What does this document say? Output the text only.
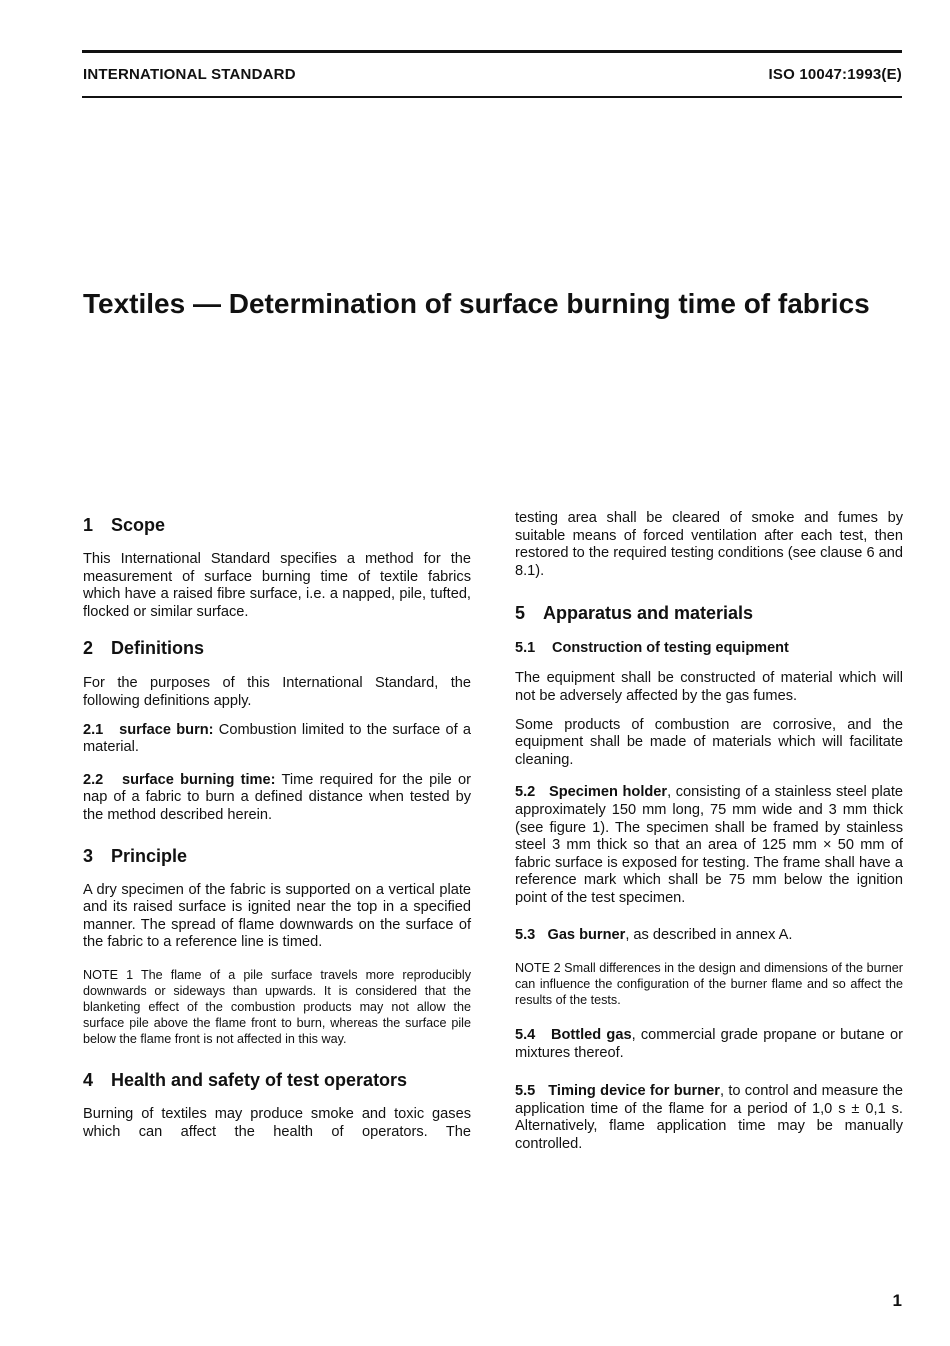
INTERNATIONAL STANDARD	ISO 10047:1993(E)
Textiles — Determination of surface burning time of fabrics
1 Scope

This International Standard specifies a method for the measurement of surface burning time of textile fabrics which have a raised fibre surface, i.e. a napped, pile, tufted, flocked or similar surface.

2 Definitions

For the purposes of this International Standard, the following definitions apply.

2.1 surface burn: Combustion limited to the surface of a material.

2.2 surface burning time: Time required for the pile or nap of a fabric to burn a defined distance when tested by the method described herein.

3 Principle

A dry specimen of the fabric is supported on a vertical plate and its raised surface is ignited near the top in a specified manner. The spread of flame downwards on the surface of the fabric to a reference line is timed.

NOTE 1 The flame of a pile surface travels more reproducibly downwards or sideways than upwards. It is considered that the blanketing effect of the combustion products may not allow the surface pile above the flame front to burn, whereas the surface pile below the flame front is not affected in this way.

4 Health and safety of test operators

Burning of textiles may produce smoke and toxic gases which can affect the health of operators. The

testing area shall be cleared of smoke and fumes by suitable means of forced ventilation after each test, then restored to the required testing conditions (see clause 6 and 8.1).

5 Apparatus and materials
5.1 Construction of testing equipment

The equipment shall be constructed of material which will not be adversely affected by the gas fumes.

Some products of combustion are corrosive, and the equipment shall be made of materials which will facilitate cleaning.

5.2 Specimen holder, consisting of a stainless steel plate approximately 150 mm long, 75 mm wide and 3 mm thick (see figure 1). The specimen shall be framed by stainless steel 3 mm thick so that an area of 125 mm × 50 mm of fabric surface is exposed for testing. The frame shall have a reference mark which shall be 75 mm below the ignition point of the test specimen.

5.3 Gas burner, as described in annex A.

NOTE 2 Small differences in the design and dimensions of the burner can influence the configuration of the burner flame and so affect the results of the tests.

5.4 Bottled gas, commercial grade propane or butane or mixtures thereof.

5.5 Timing device for burner, to control and measure the application time of the flame for a period of 1,0 s ± 0,1 s. Alternatively, flame application time may be manually controlled.

1
